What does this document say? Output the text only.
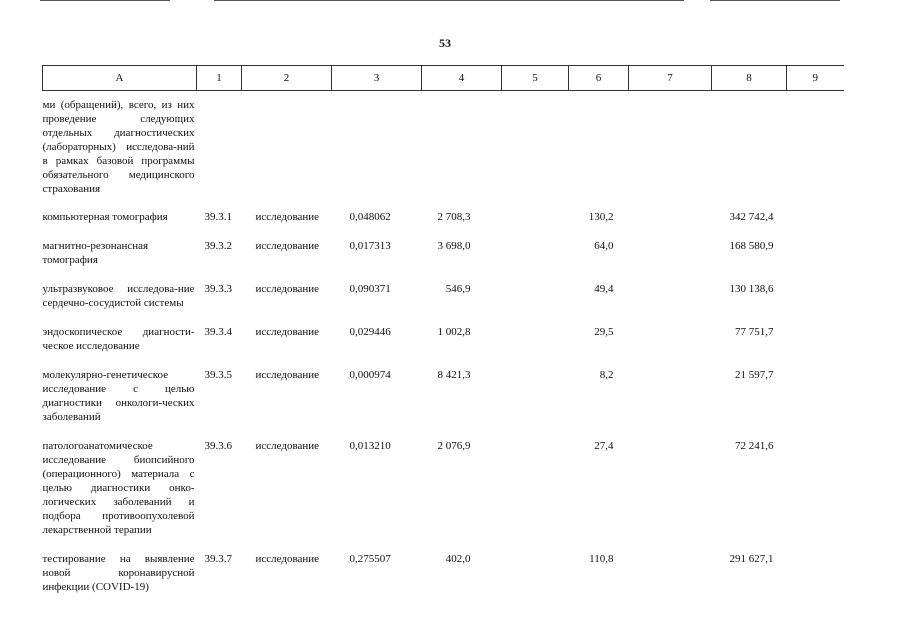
53
А	1	2	3	4	5	6	7	8	9
ми (обращений), всего, из них проведение следующих отдельных диагностических (лабораторных) исследова-ний в рамках базовой программы обязательного медицинского страхования									
компьютерная томография	39.3.1	исследование	0,048062	2 708,3		130,2		342 742,4	
магнитно-резонансная томография	39.3.2	исследование	0,017313	3 698,0		64,0		168 580,9	
ультразвуковое исследова-ние сердечно-сосудистой системы	39.3.3	исследование	0,090371	546,9		49,4		130 138,6	
эндоскопическое диагности-ческое исследование	39.3.4	исследование	0,029446	1 002,8		29,5		77 751,7	
молекулярно-генетическое исследование с целью диагностики онкологи-ческих заболеваний	39.3.5	исследование	0,000974	8 421,3		8,2		21 597,7	
патологоанатомическое исследование биопсийного (операционного) материала с целью диагностики онко-логических заболеваний и подбора противоопухолевой лекарственной терапии	39.3.6	исследование	0,013210	2 076,9		27,4		72 241,6	
тестирование на выявление новой коронавирусной инфекции (COVID-19)	39.3.7	исследование	0,275507	402,0		110,8		291 627,1	
